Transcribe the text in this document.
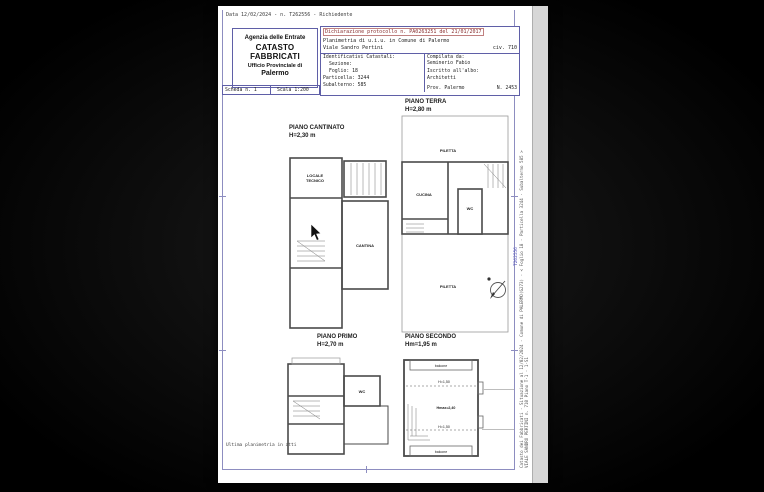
Data 12/02/2024 - n. T262556 - Richiedente
Agenzia delle Entrate
CATASTO FABBRICATI
Ufficio Provinciale di
Palermo
Scheda n. 1	Scala 1:200
Dichiarazione protocollo n. PA0263251 del 21/01/2017
Planimetria di u.i.u. in Comune di Palermo
Viale Sandro Pertini	civ. 710
Identificativi Catastali:
Sezione:
Foglio: 18
Particella: 3244
Subalterno: 585
Compilata da:
Seminerio Fabio
Iscritto all'albo:
Architetti
Prov. Palermo	N. 2453
PIANO CANTINATO
H=2,30 m
PIANO TERRA
H=2,80 m
PIANO PRIMO
H=2,70 m
PIANO SECONDO
Hm=1,95 m
LOCALE
TECNICO
CANTINA
PILETTA
CUCINA
WC
PILETTA
WC
balcone
H=1,50
Hmax=2,40
H=1,50
balcone
Ultima planimetria in atti	Catasto dei Fabbricati - Situazione al 12/02/2024 - Comune di PALERMO(G273) - < Foglio 18 - Particella 3244 - Subalterno 585 > VIALE SANDRO PERTINI n. 710 Piano T-1 - 1-S1
T262556
